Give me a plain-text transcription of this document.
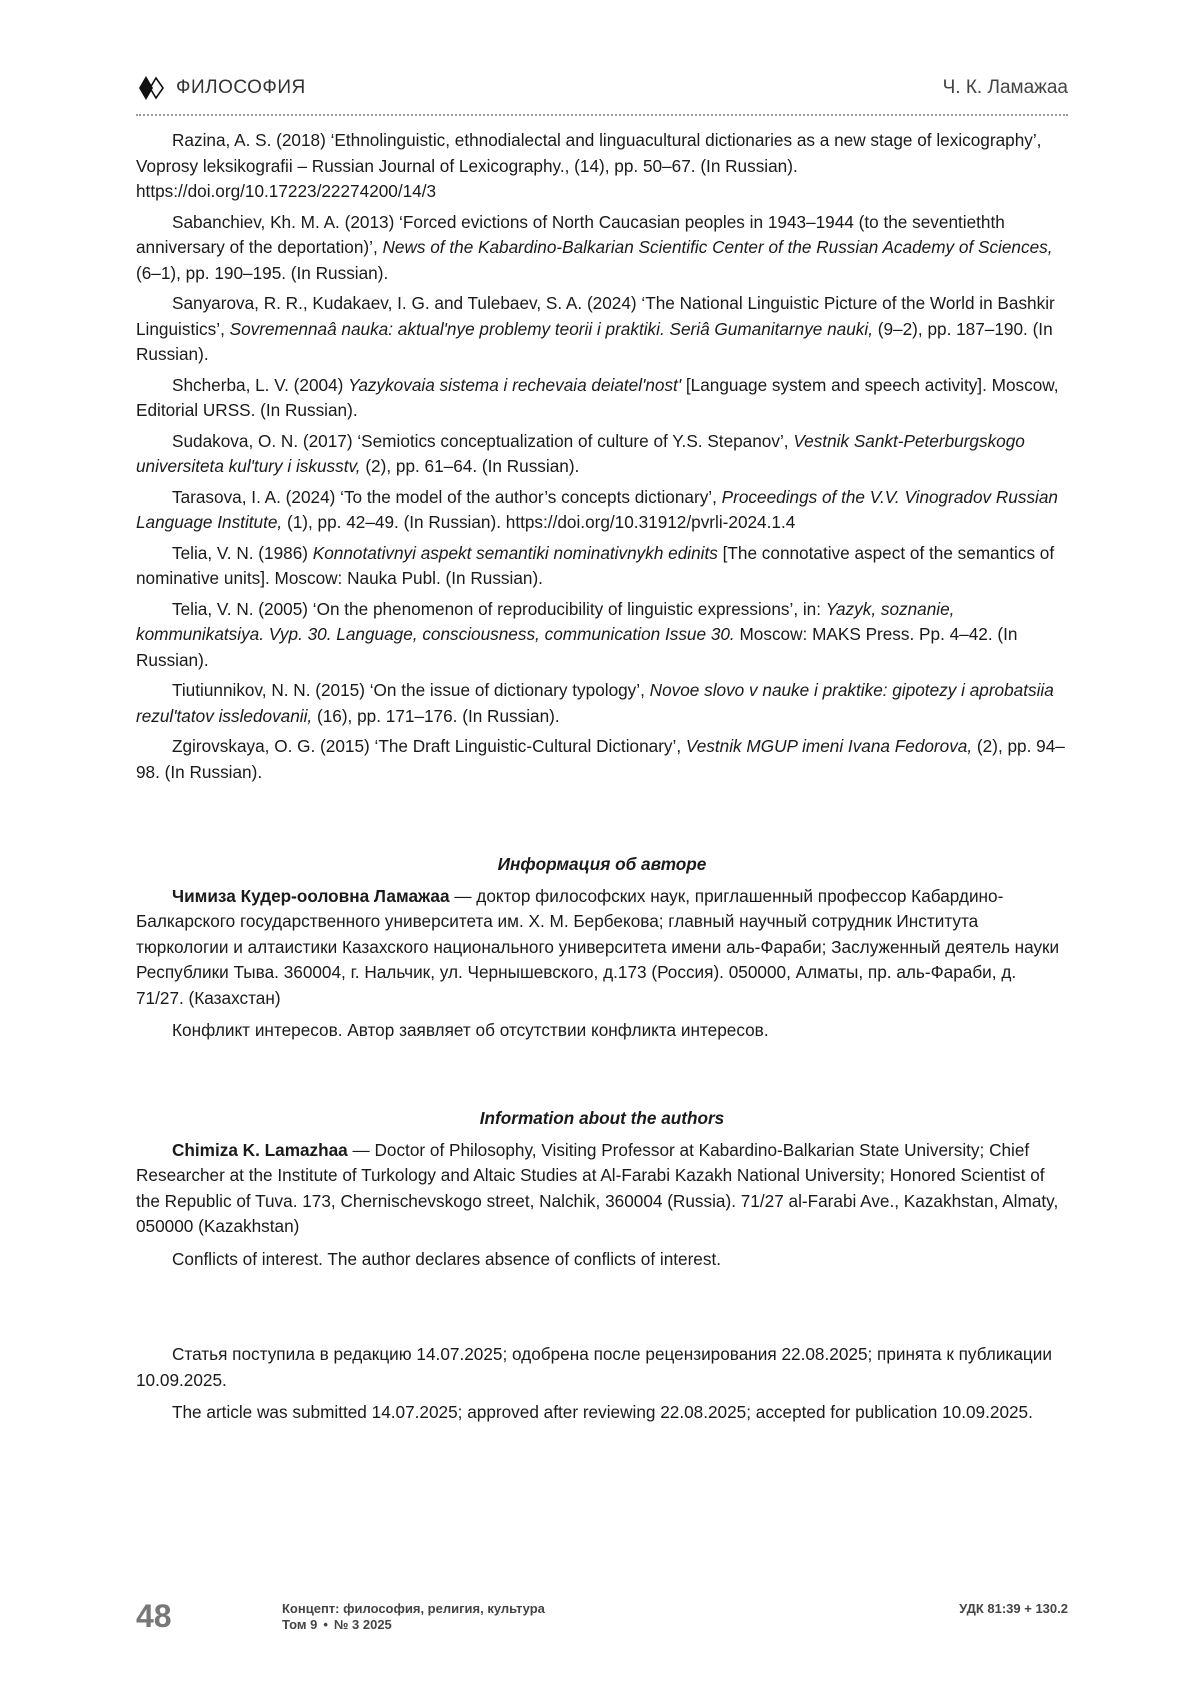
ФИЛОСОФИЯ	Ч. К. Ламажаа

Razina, A. S. (2018) ‘Ethnolinguistic, ethnodialectal and linguacultural dictionaries as a new stage of lexicography’, Voprosy leksikografii – Russian Journal of Lexicography., (14), pp. 50–67. (In Russian). https://doi.org/10.17223/22274200/14/3

Sabanchiev, Kh. M. A. (2013) ‘Forced evictions of North Caucasian peoples in 1943–1944 (to the seventiethth anniversary of the deportation)’, News of the Kabardino-Balkarian Scientific Center of the Russian Academy of Sciences, (6–1), pp. 190–195. (In Russian).

Sanyarova, R. R., Kudakaev, I. G. and Tulebaev, S. A. (2024) ‘The National Linguistic Picture of the World in Bashkir Linguistics’, Sovremennaâ nauka: aktual'nye problemy teorii i praktiki. Seriâ Gumanitarnye nauki, (9–2), pp. 187–190. (In Russian).

Shcherba, L. V. (2004) Yazykovaia sistema i rechevaia deiatel'nost' [Language system and speech activity]. Moscow, Editorial URSS. (In Russian).

Sudakova, O. N. (2017) ‘Semiotics conceptualization of culture of Y.S. Stepanov’, Vestnik Sankt-Peterburgskogo universiteta kul'tury i iskusstv, (2), pp. 61–64. (In Russian).

Tarasova, I. A. (2024) ‘To the model of the author’s concepts dictionary’, Proceedings of the V.V. Vinogradov Russian Language Institute, (1), pp. 42–49. (In Russian). https://doi.org/10.31912/pvrli-2024.1.4

Telia, V. N. (1986) Konnotativnyi aspekt semantiki nominativnykh edinits [The connotative aspect of the semantics of nominative units]. Moscow: Nauka Publ. (In Russian).

Telia, V. N. (2005) ‘On the phenomenon of reproducibility of linguistic expressions’, in: Yazyk, soznanie, kommunikatsiya. Vyp. 30. Language, consciousness, communication Issue 30. Moscow: MAKS Press. Pp. 4–42. (In Russian).

Tiutiunnikov, N. N. (2015) ‘On the issue of dictionary typology’, Novoe slovo v nauke i praktike: gipotezy i aprobatsiia rezul'tatov issledovanii, (16), pp. 171–176. (In Russian).

Zgirovskaya, O. G. (2015) ‘The Draft Linguistic-Cultural Dictionary’, Vestnik MGUP imeni Ivana Fedorova, (2), pp. 94–98. (In Russian).

Информация об авторе

Чимиза Кудер-ооловна Ламажаа — доктор философских наук, приглашенный профессор Кабардино-Балкарского государственного университета им. Х. М. Бербекова; главный научный сотрудник Института тюркологии и алтаистики Казахского национального университета имени аль-Фараби; Заслуженный деятель науки Республики Тыва. 360004, г. Нальчик, ул. Чернышевского, д.173 (Россия). 050000, Алматы, пр. аль-Фараби, д. 71/27. (Казахстан)

Конфликт интересов. Автор заявляет об отсутствии конфликта интересов.

Information about the authors

Chimiza K. Lamazhaa — Doctor of Philosophy, Visiting Professor at Kabardino-Balkarian State University; Chief Researcher at the Institute of Turkology and Altaic Studies at Al-Farabi Kazakh National University; Honored Scientist of the Republic of Tuva. 173, Chernischevskogo street, Nalchik, 360004 (Russia). 71/27 al-Farabi Ave., Kazakhstan, Almaty, 050000 (Kazakhstan)

Conflicts of interest. The author declares absence of conflicts of interest.

Статья поступила в редакцию 14.07.2025; одобрена после рецензирования 22.08.2025; принята к публикации 10.09.2025.

The article was submitted 14.07.2025; approved after reviewing 22.08.2025; accepted for publication 10.09.2025.

48	Концепт: философия, религия, культура
Том 9 • № 3 2025
УДК 81:39 + 130.2
